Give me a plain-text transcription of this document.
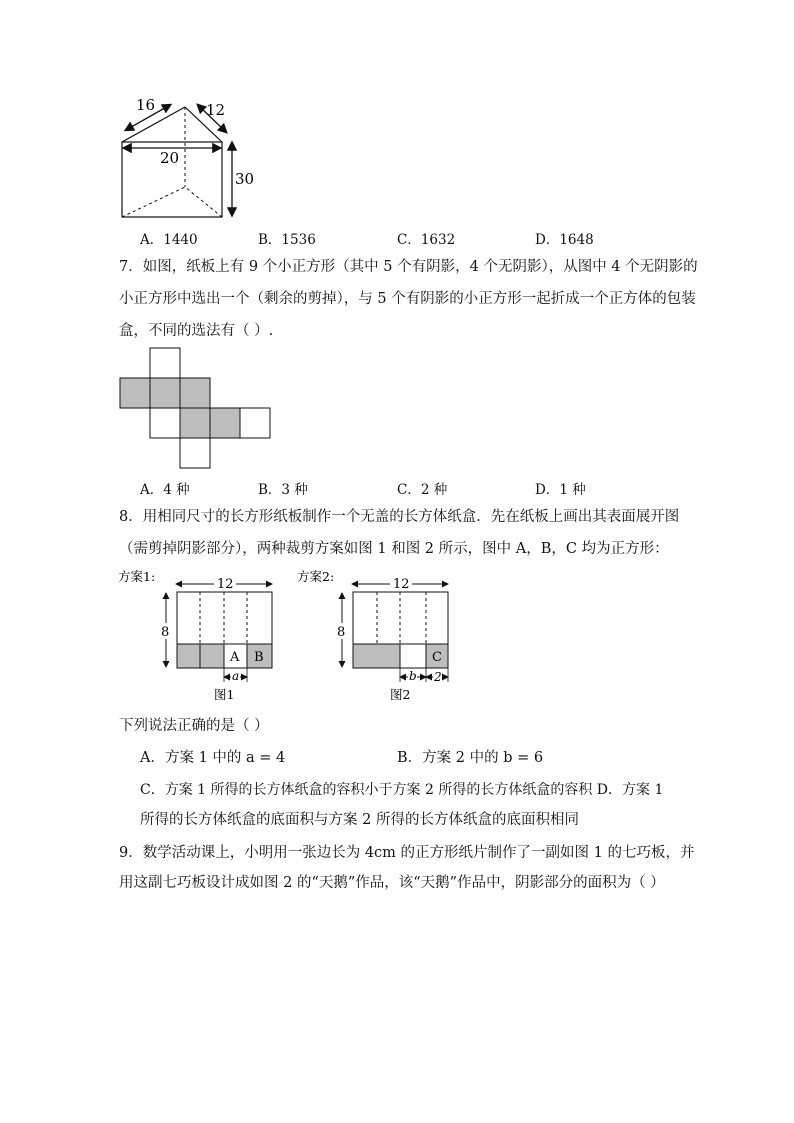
16	12
20
30
A．1440	B．1536	C．1632	D．1648
7．如图，纸板上有 9 个小正方形（其中 5 个有阴影，4 个无阴影），从图中 4 个无阴影的
小正方形中选出一个（剩余的剪掉），与 5 个有阴影的小正方形一起折成一个正方体的包装
盒，不同的选法有（ ）.
A．4 种	B．3 种	C．2 种	D．1 种
8．用相同尺寸的长方形纸板制作一个无盖的长方体纸盒．先在纸板上画出其表面展开图
（需剪掉阴影部分），两种裁剪方案如图 1 和图 2 所示，图中 A，B，C 均为正方形：
方案1:
12
8
A B
a
图1
方案2:
12
8
C
b 2
图2
下列说法正确的是（ ）
A．方案 1 中的 a = 4	B．方案 2 中的 b = 6
C．方案 1 所得的长方体纸盒的容积小于方案 2 所得的长方体纸盒的容积 D．方案 1
所得的长方体纸盒的底面积与方案 2 所得的长方体纸盒的底面积相同
9．数学活动课上，小明用一张边长为 4cm 的正方形纸片制作了一副如图 1 的七巧板，并
用这副七巧板设计成如图 2 的“天鹅”作品，该“天鹅”作品中，阴影部分的面积为（ ）
